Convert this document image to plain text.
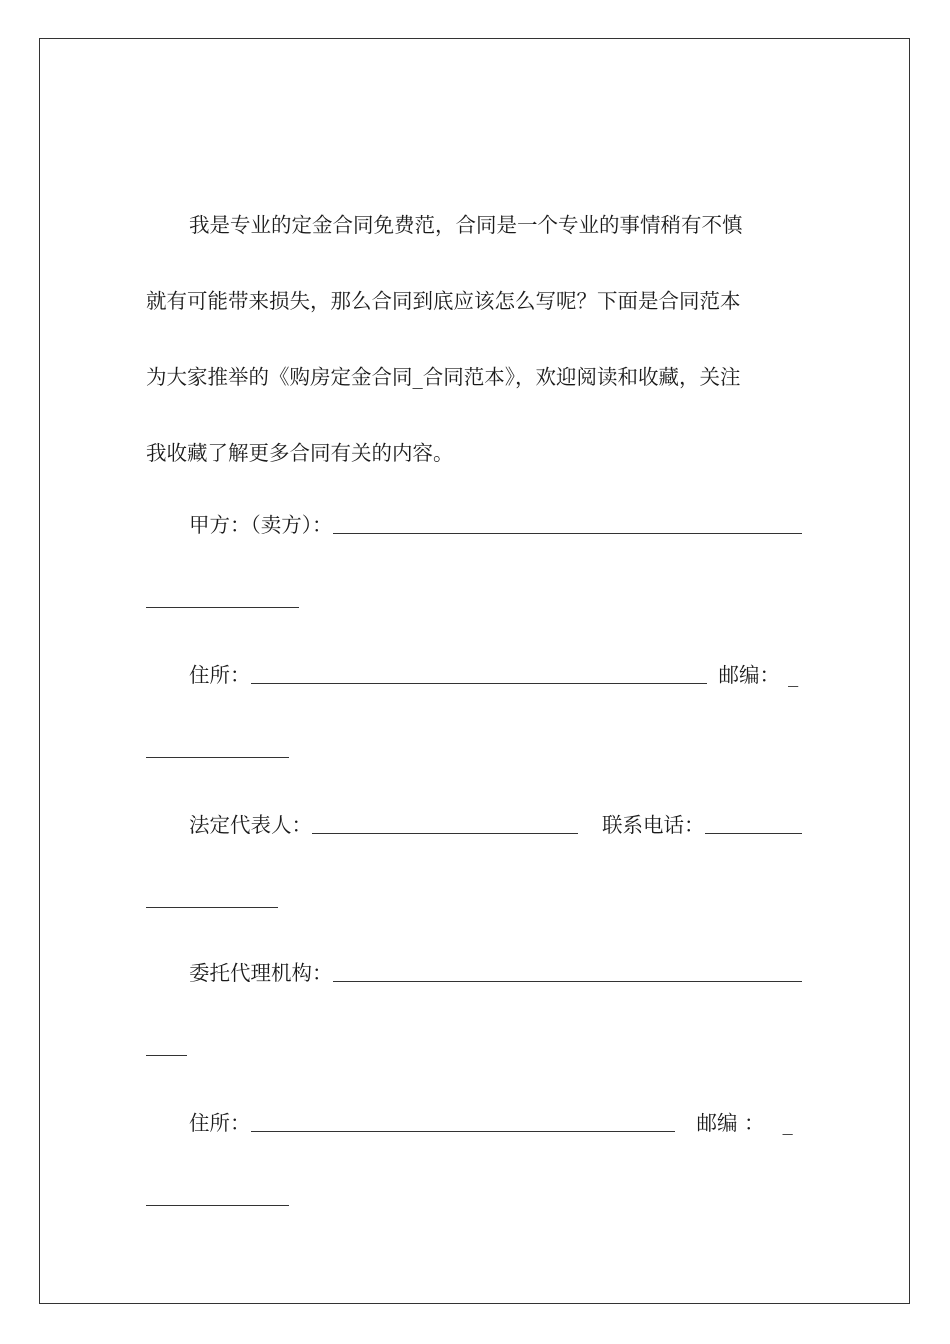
我是专业的定金合同免费范，合同是一个专业的事情稍有不慎
就有可能带来损失，那么合同到底应该怎么写呢？下面是合同范本
为大家推举的《购房定金合同_合同范本》，欢迎阅读和收藏，关注
我收藏了解更多合同有关的内容。
甲方：（卖方）：
住所：	邮编： _
法定代表人：	联系电话：
委托代理机构：
住所：	邮编 ： _
